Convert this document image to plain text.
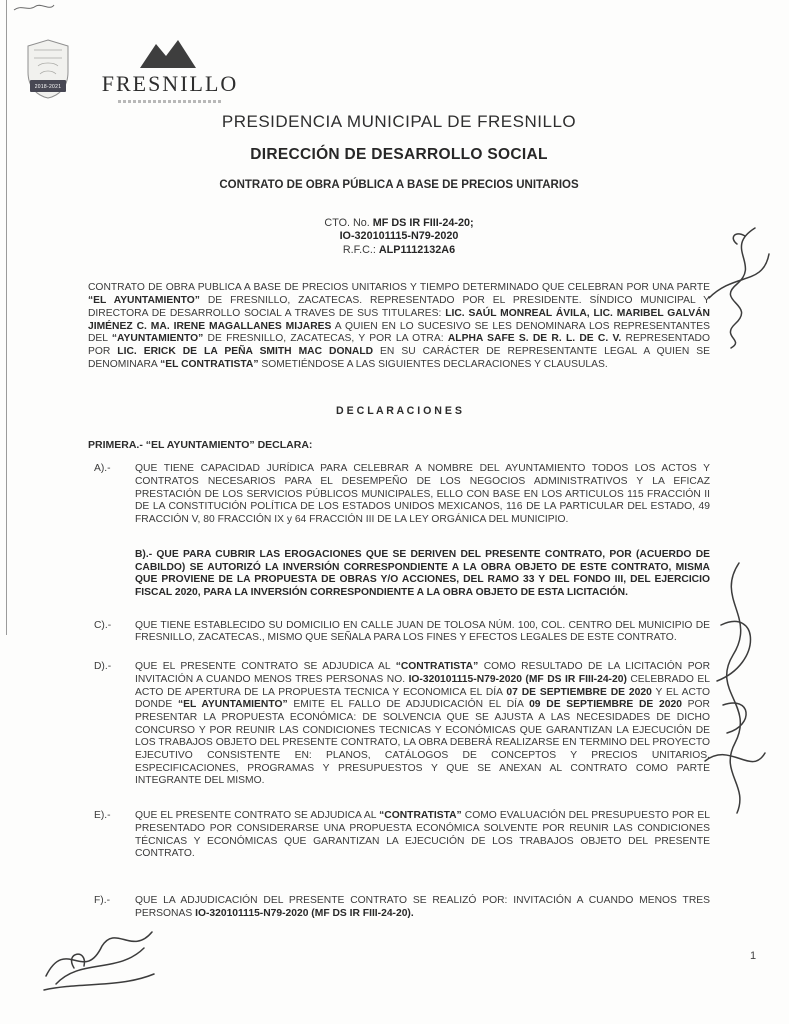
2018-2021	FRESNILLO
PRESIDENCIA MUNICIPAL DE FRESNILLO
DIRECCIÓN DE DESARROLLO SOCIAL
CONTRATO DE OBRA PÚBLICA A BASE DE PRECIOS UNITARIOS
CTO. No. MF DS IR FIII-24-20;
IO-320101115-N79-2020
R.F.C.: ALP1112132A6

CONTRATO DE OBRA PUBLICA A BASE DE PRECIOS UNITARIOS Y TIEMPO DETERMINADO QUE CELEBRAN POR UNA PARTE “EL AYUNTAMIENTO” DE FRESNILLO, ZACATECAS. REPRESENTADO POR EL PRESIDENTE. SÍNDICO MUNICIPAL Y DIRECTORA DE DESARROLLO SOCIAL A TRAVES DE SUS TITULARES: LIC. SAÚL MONREAL ÁVILA, LIC. MARIBEL GALVÁN JIMÉNEZ C. MA. IRENE MAGALLANES MIJARES A QUIEN EN LO SUCESIVO SE LES DENOMINARA LOS REPRESENTANTES DEL “AYUNTAMIENTO” DE FRESNILLO, ZACATECAS, Y POR LA OTRA: ALPHA SAFE S. DE R. L. DE C. V. REPRESENTADO POR LIC. ERICK DE LA PEÑA SMITH MAC DONALD EN SU CARÁCTER DE REPRESENTANTE LEGAL A QUIEN SE DENOMINARA “EL CONTRATISTA” SOMETIÉNDOSE A LAS SIGUIENTES DECLARACIONES Y CLAUSULAS.

D E C L A R A C I O N E S
PRIMERA.- “EL AYUNTAMIENTO” DECLARA:
A).-	QUE TIENE CAPACIDAD JURÍDICA PARA CELEBRAR A NOMBRE DEL AYUNTAMIENTO TODOS LOS ACTOS Y CONTRATOS NECESARIOS PARA EL DESEMPEÑO DE LOS NEGOCIOS ADMINISTRATIVOS Y LA EFICAZ PRESTACIÓN DE LOS SERVICIOS PÚBLICOS MUNICIPALES, ELLO CON BASE EN LOS ARTICULOS 115 FRACCIÓN II DE LA CONSTITUCIÓN POLÍTICA DE LOS ESTADOS UNIDOS MEXICANOS, 116 DE LA PARTICULAR DEL ESTADO, 49 FRACCIÓN V, 80 FRACCIÓN IX y 64 FRACCIÓN III DE LA LEY ORGÁNICA DEL MUNICIPIO.

B).- QUE PARA CUBRIR LAS EROGACIONES QUE SE DERIVEN DEL PRESENTE CONTRATO, POR (ACUERDO DE CABILDO) SE AUTORIZÓ LA INVERSIÓN CORRESPONDIENTE A LA OBRA OBJETO DE ESTE CONTRATO, MISMA QUE PROVIENE DE LA PROPUESTA DE OBRAS Y/O ACCIONES, DEL RAMO 33 Y DEL FONDO III, DEL EJERCICIO FISCAL 2020, PARA LA INVERSIÓN CORRESPONDIENTE A LA OBRA OBJETO DE ESTA LICITACIÓN.

C).-	QUE TIENE ESTABLECIDO SU DOMICILIO EN CALLE JUAN DE TOLOSA NÚM. 100, COL. CENTRO DEL MUNICIPIO DE FRESNILLO, ZACATECAS., MISMO QUE SEÑALA PARA LOS FINES Y EFECTOS LEGALES DE ESTE CONTRATO.

D).-	QUE EL PRESENTE CONTRATO SE ADJUDICA AL “CONTRATISTA” COMO RESULTADO DE LA LICITACIÓN POR INVITACIÓN A CUANDO MENOS TRES PERSONAS NO. IO-320101115-N79-2020 (MF DS IR FIII-24-20) CELEBRADO EL ACTO DE APERTURA DE LA PROPUESTA TECNICA Y ECONOMICA EL DÍA 07 DE SEPTIEMBRE DE 2020 Y EL ACTO DONDE “EL AYUNTAMIENTO” EMITE EL FALLO DE ADJUDICACIÓN EL DÍA 09 DE SEPTIEMBRE DE 2020 POR PRESENTAR LA PROPUESTA ECONÓMICA: DE SOLVENCIA QUE SE AJUSTA A LAS NECESIDADES DE DICHO CONCURSO Y POR REUNIR LAS CONDICIONES TECNICAS Y ECONÓMICAS QUE GARANTIZAN LA EJECUCIÓN DE LOS TRABAJOS OBJETO DEL PRESENTE CONTRATO, LA OBRA DEBERÁ REALIZARSE EN TERMINO DEL PROYECTO EJECUTIVO CONSISTENTE EN: PLANOS, CATÁLOGOS DE CONCEPTOS Y PRECIOS UNITARIOS, ESPECIFICACIONES, PROGRAMAS Y PRESUPUESTOS Y QUE SE ANEXAN AL CONTRATO COMO PARTE INTEGRANTE DEL MISMO.

E).-	QUE EL PRESENTE CONTRATO SE ADJUDICA AL “CONTRATISTA” COMO EVALUACIÓN DEL PRESUPUESTO POR EL PRESENTADO POR CONSIDERARSE UNA PROPUESTA ECONÓMICA SOLVENTE POR REUNIR LAS CONDICIONES TÉCNICAS Y ECONÓMICAS QUE GARANTIZAN LA EJECUCIÓN DE LOS TRABAJOS OBJETO DEL PRESENTE CONTRATO.

F).-	QUE LA ADJUDICACIÓN DEL PRESENTE CONTRATO SE REALIZÓ POR: INVITACIÓN A CUANDO MENOS TRES PERSONAS IO-320101115-N79-2020 (MF DS IR FIII-24-20).

1
